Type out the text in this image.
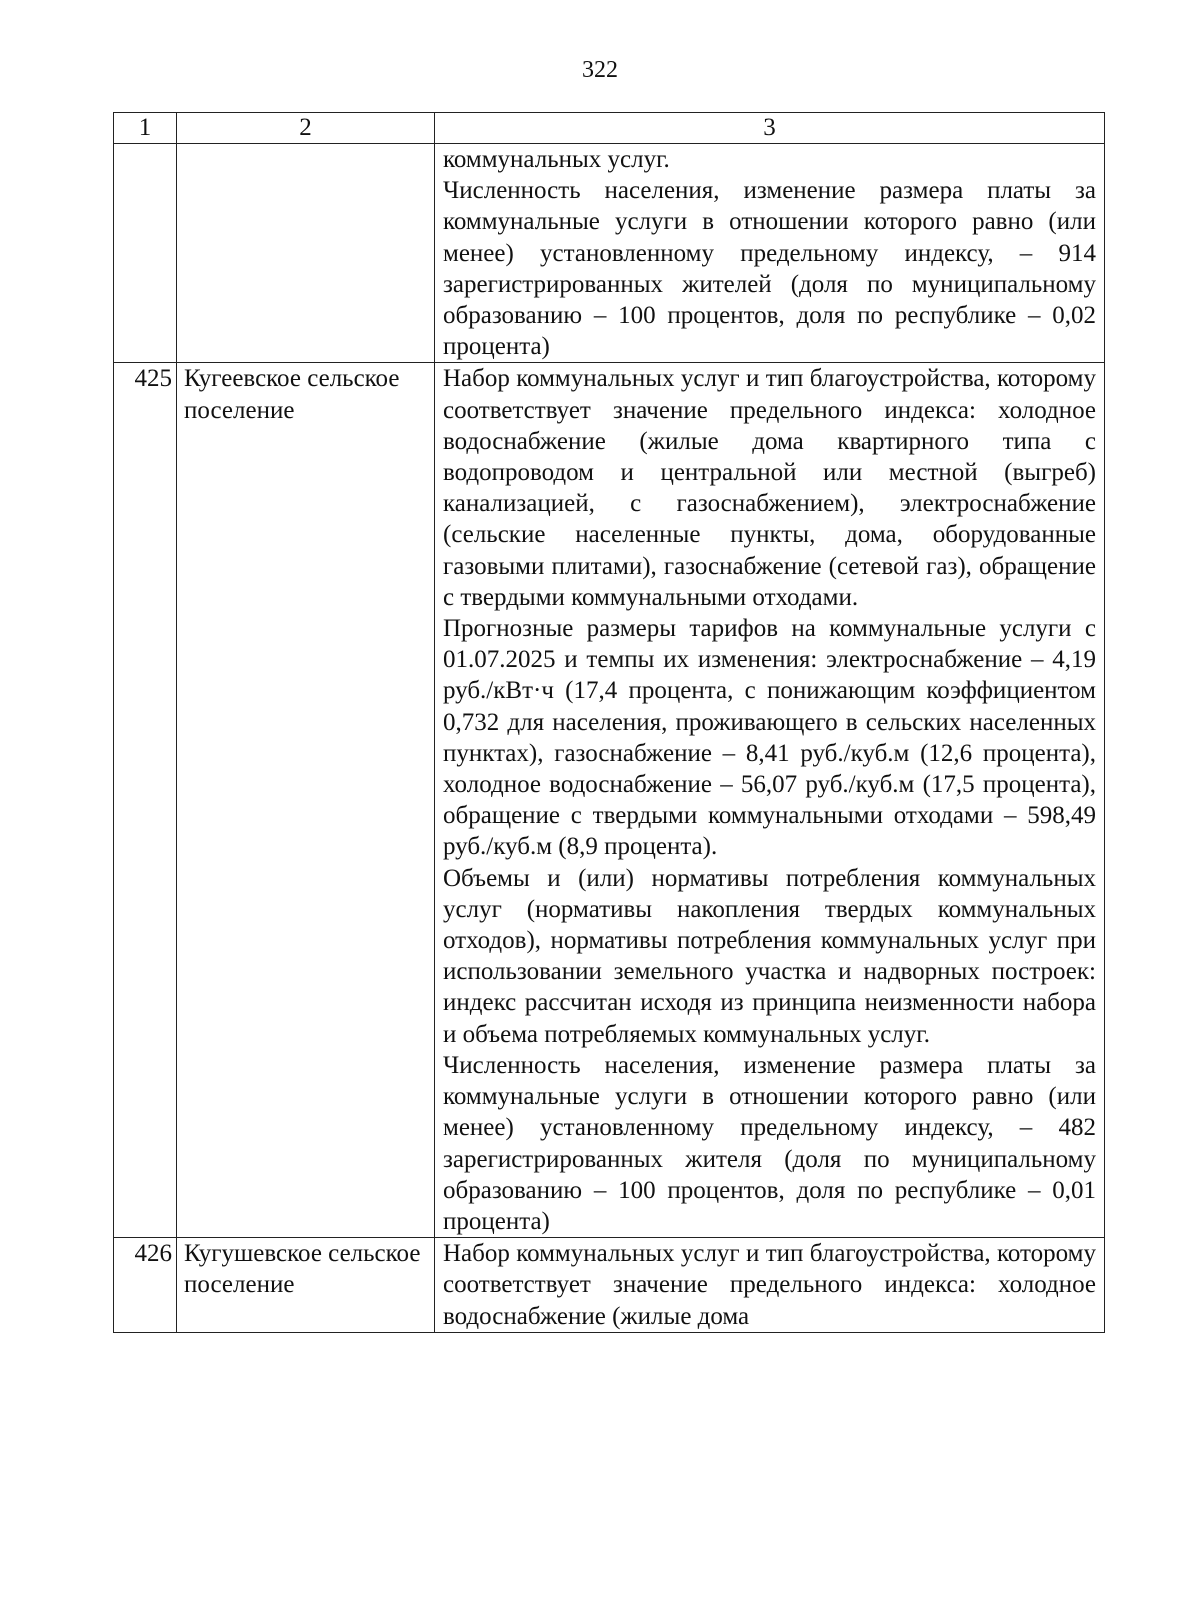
322
1	2	3

		коммунальных услуг.

Численность населения, изменение размера платы за коммунальные услуги в отношении которого равно (или менее) установленному предельному индексу, – 914 зарегистрированных жителей (доля по муниципальному образованию – 100 процентов, доля по республике – 0,02 процента)

425	Кугеевское сельское поселение	Набор коммунальных услуг и тип благоустройства, которому соответствует значение предельного индекса: холодное водоснабжение (жилые дома квартирного типа с водопроводом и центральной или местной (выгреб) канализацией, с газоснабжением), электроснабжение (сельские населенные пункты, дома, оборудованные газовыми плитами), газоснабжение (сетевой газ), обращение с твердыми коммунальными отходами.

Прогнозные размеры тарифов на коммунальные услуги с 01.07.2025 и темпы их изменения: электроснабжение – 4,19 руб./кВт·ч (17,4 процента, с понижающим коэффициентом 0,732 для населения, проживающего в сельских населенных пунктах), газоснабжение – 8,41 руб./куб.м (12,6 процента), холодное водоснабжение – 56,07 руб./куб.м (17,5 процента), обращение с твердыми коммунальными отходами – 598,49 руб./куб.м (8,9 процента).

Объемы и (или) нормативы потребления коммунальных услуг (нормативы накопления твердых коммунальных отходов), нормативы потребления коммунальных услуг при использовании земельного участка и надворных построек: индекс рассчитан исходя из принципа неизменности набора и объема потребляемых коммунальных услуг.

Численность населения, изменение размера платы за коммунальные услуги в отношении которого равно (или менее) установленному предельному индексу, – 482 зарегистрированных жителя (доля по муниципальному образованию – 100 процентов, доля по республике – 0,01 процента)

426	Кугушевское сельское поселение	Набор коммунальных услуг и тип благоустройства, которому соответствует значение предельного индекса: холодное водоснабжение (жилые дома
